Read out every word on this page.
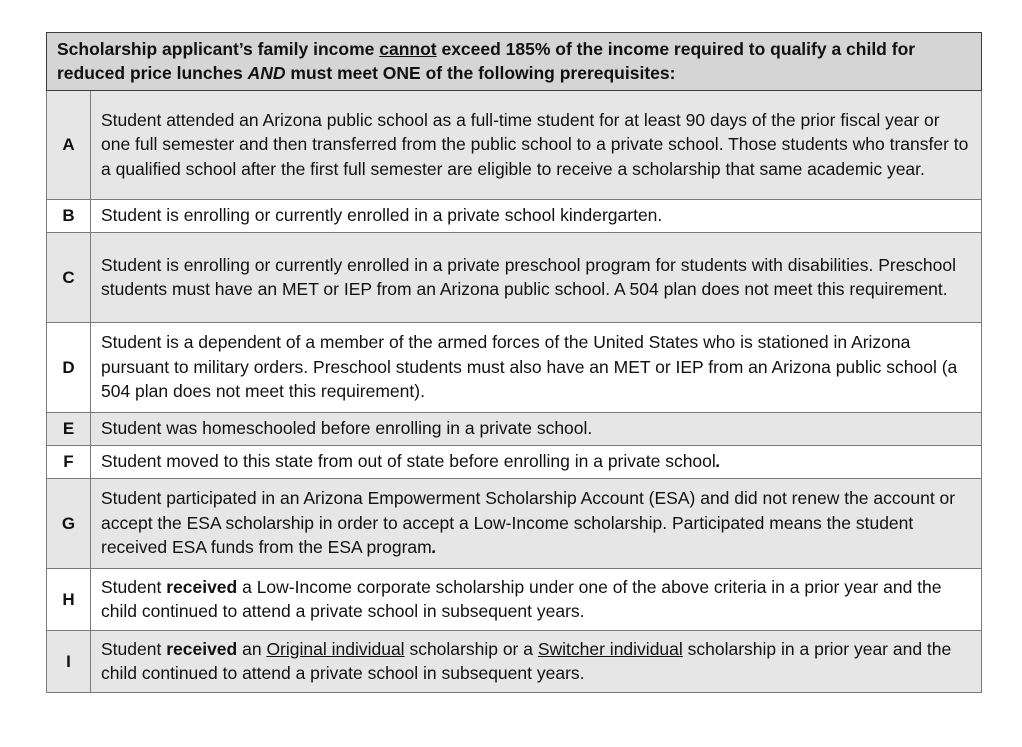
Scholarship applicant’s family income cannot exceed 185% of the income required to qualify a child for reduced price lunches AND must meet ONE of the following prerequisites:	
A	Student attended an Arizona public school as a full-time student for at least 90 days of the prior fiscal year or one full semester and then transferred from the public school to a private school. Those students who transfer to a qualified school after the first full semester are eligible to receive a scholarship that same academic year.
B	Student is enrolling or currently enrolled in a private school kindergarten.
C	Student is enrolling or currently enrolled in a private preschool program for students with disabilities. Preschool students must have an MET or IEP from an Arizona public school. A 504 plan does not meet this requirement.
D	Student is a dependent of a member of the armed forces of the United States who is stationed in Arizona pursuant to military orders. Preschool students must also have an MET or IEP from an Arizona public school (a 504 plan does not meet this requirement).
E	Student was homeschooled before enrolling in a private school.
F	Student moved to this state from out of state before enrolling in a private school.
G	Student participated in an Arizona Empowerment Scholarship Account (ESA) and did not renew the account or accept the ESA scholarship in order to accept a Low-Income scholarship. Participated means the student received ESA funds from the ESA program.
H	Student received a Low-Income corporate scholarship under one of the above criteria in a prior year and the child continued to attend a private school in subsequent years.
I	Student received an Original individual scholarship or a Switcher individual scholarship in a prior year and the child continued to attend a private school in subsequent years.
